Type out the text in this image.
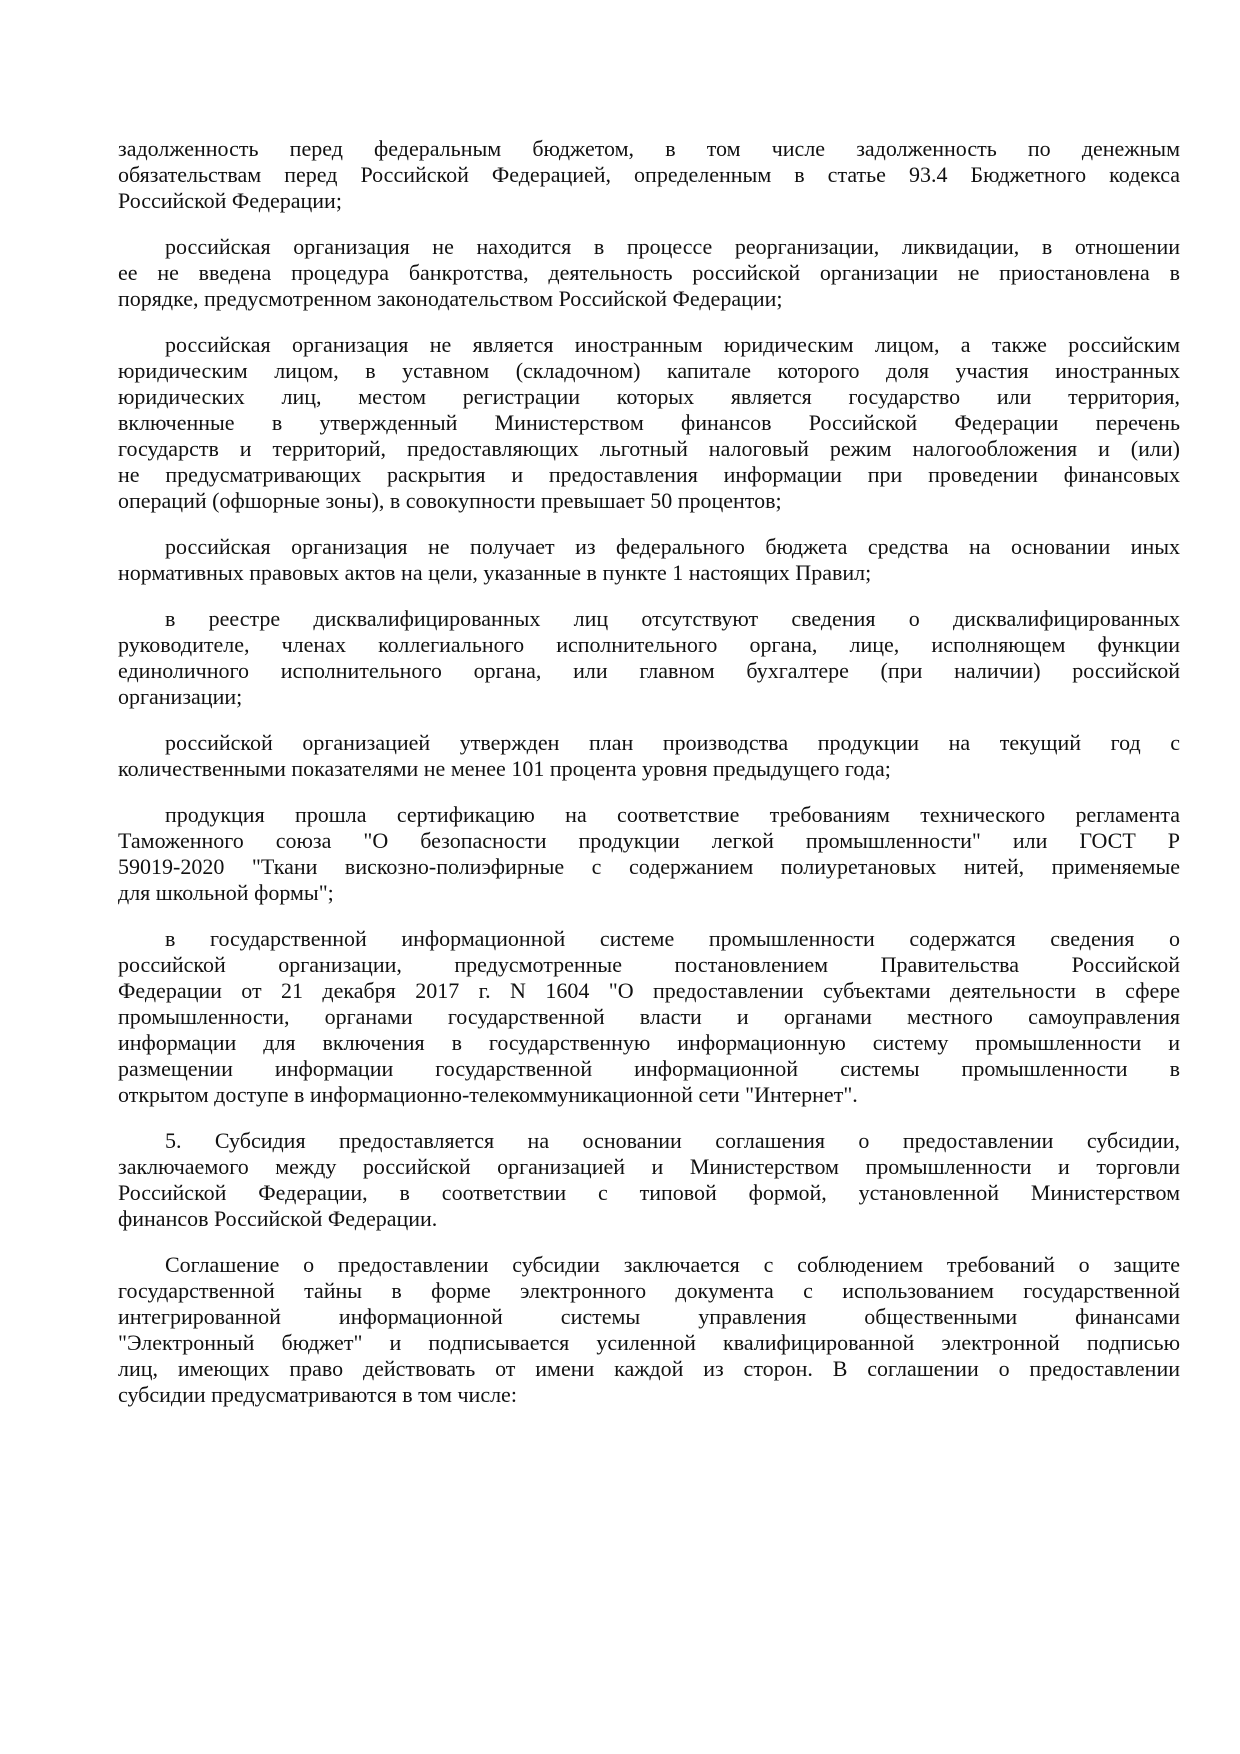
задолженность перед федеральным бюджетом, в том числе задолженность по денежным
обязательствам перед Российской Федерацией, определенным в статье 93.4 Бюджетного кодекса
Российской Федерации;
российская организация не находится в процессе реорганизации, ликвидации, в отношении
ее не введена процедура банкротства, деятельность российской организации не приостановлена в
порядке, предусмотренном законодательством Российской Федерации;
российская организация не является иностранным юридическим лицом, а также российским
юридическим лицом, в уставном (складочном) капитале которого доля участия иностранных
юридических лиц, местом регистрации которых является государство или территория,
включенные в утвержденный Министерством финансов Российской Федерации перечень
государств и территорий, предоставляющих льготный налоговый режим налогообложения и (или)
не предусматривающих раскрытия и предоставления информации при проведении финансовых
операций (офшорные зоны), в совокупности превышает 50 процентов;
российская организация не получает из федерального бюджета средства на основании иных
нормативных правовых актов на цели, указанные в пункте 1 настоящих Правил;
в реестре дисквалифицированных лиц отсутствуют сведения о дисквалифицированных
руководителе, членах коллегиального исполнительного органа, лице, исполняющем функции
единоличного исполнительного органа, или главном бухгалтере (при наличии) российской
организации;
российской организацией утвержден план производства продукции на текущий год с
количественными показателями не менее 101 процента уровня предыдущего года;
продукция прошла сертификацию на соответствие требованиям технического регламента
Таможенного союза "О безопасности продукции легкой промышленности" или ГОСТ Р
59019-2020 "Ткани вискозно-полиэфирные с содержанием полиуретановых нитей, применяемые
для школьной формы";
в государственной информационной системе промышленности содержатся сведения о
российской организации, предусмотренные постановлением Правительства Российской
Федерации от 21 декабря 2017 г. N 1604 "О предоставлении субъектами деятельности в сфере
промышленности, органами государственной власти и органами местного самоуправления
информации для включения в государственную информационную систему промышленности и
размещении информации государственной информационной системы промышленности в
открытом доступе в информационно-телекоммуникационной сети "Интернет".
5. Субсидия предоставляется на основании соглашения о предоставлении субсидии,
заключаемого между российской организацией и Министерством промышленности и торговли
Российской Федерации, в соответствии с типовой формой, установленной Министерством
финансов Российской Федерации.
Соглашение о предоставлении субсидии заключается с соблюдением требований о защите
государственной тайны в форме электронного документа с использованием государственной
интегрированной информационной системы управления общественными финансами
"Электронный бюджет" и подписывается усиленной квалифицированной электронной подписью
лиц, имеющих право действовать от имени каждой из сторон. В соглашении о предоставлении
субсидии предусматриваются в том числе:
